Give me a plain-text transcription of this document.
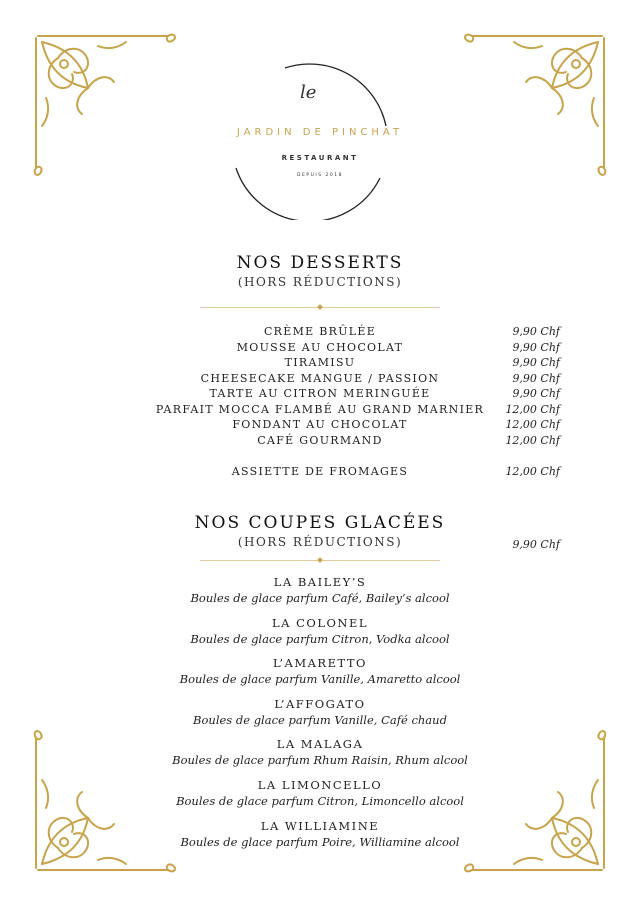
le
JARDIN DE PINCHAT
RESTAURANT
DEPUIS 2018
NOS DESSERTS
(HORS RÉDUCTIONS)
CRÈME BRÛLÉE	9,90 Chf
MOUSSE AU CHOCOLAT	9,90 Chf
TIRAMISU	9,90 Chf
CHEESECAKE MANGUE / PASSION	9,90 Chf
TARTE AU CITRON MERINGUÉE	9,90 Chf
PARFAIT MOCCA FLAMBÉ AU GRAND MARNIER	12,00 Chf
FONDANT AU CHOCOLAT	12,00 Chf
CAFÉ GOURMAND	12,00 Chf
ASSIETTE DE FROMAGES	12,00 Chf
NOS COUPES GLACÉES
(HORS RÉDUCTIONS)	9,90 Chf
LA BAILEY’S
Boules de glace parfum Café, Bailey’s alcool
LA COLONEL
Boules de glace parfum Citron, Vodka alcool
L’AMARETTO
Boules de glace parfum Vanille, Amaretto alcool
L’AFFOGATO
Boules de glace parfum Vanille, Café chaud
LA MALAGA
Boules de glace parfum Rhum Raisin, Rhum alcool
LA LIMONCELLO
Boules de glace parfum Citron, Limoncello alcool
LA WILLIAMINE
Boules de glace parfum Poire, Williamine alcool
